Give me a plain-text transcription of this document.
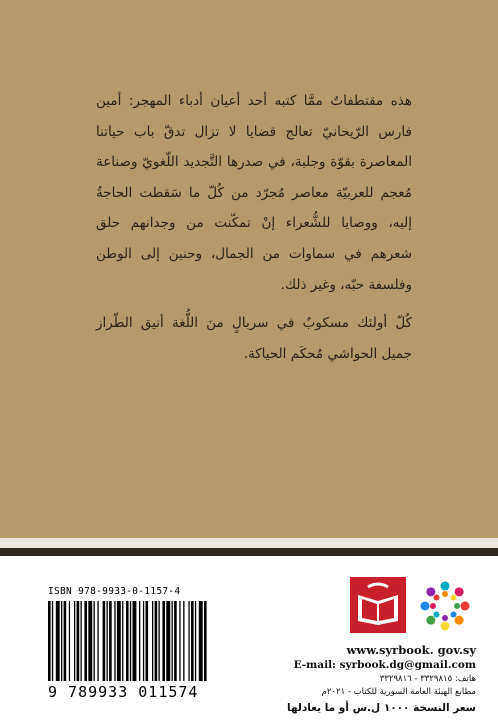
هذه مقتطفاتٌ ممَّا كتبه أحد أعيان أدباء المهجر: أمين فارس الرّيحانيّ تعالج قضايا لا تزال تدقّ باب حياتنا المعاصرة بقوّة وجلبة، في صدرها التَّجديد اللّغويّ وصناعة مُعجم للعربيّة معاصر مُجرّد من كُلّ ما سَقطت الحاجةُ إليه، ووصايا للشُّعراء إنْ تمكّنت من وجدانهم حلق شعرهم في سماوات من الجمال، وحنين إلى الوطن وفلسفة حبّه، وغير ذلك.

كُلّ أولئك مسكوبٌ في سربالٍ منَ اللُّغة أنيق الطّراز جميل الحواشي مُحكَم الحياكة.

ISBN 978-9933-0-1157-4
9 789933 011574
www.syrbook. gov.sy
E-mail: syrbook.dg@gmail.com
هاتف: ٣٣٢٩٨١٥ - ٣٣٢٩٨١٦
مطابع الهيئة العامة السورية للكتاب - ٢٠٢١م
سعر النسخة ١٠٠٠ ل.س أو ما يعادلها
